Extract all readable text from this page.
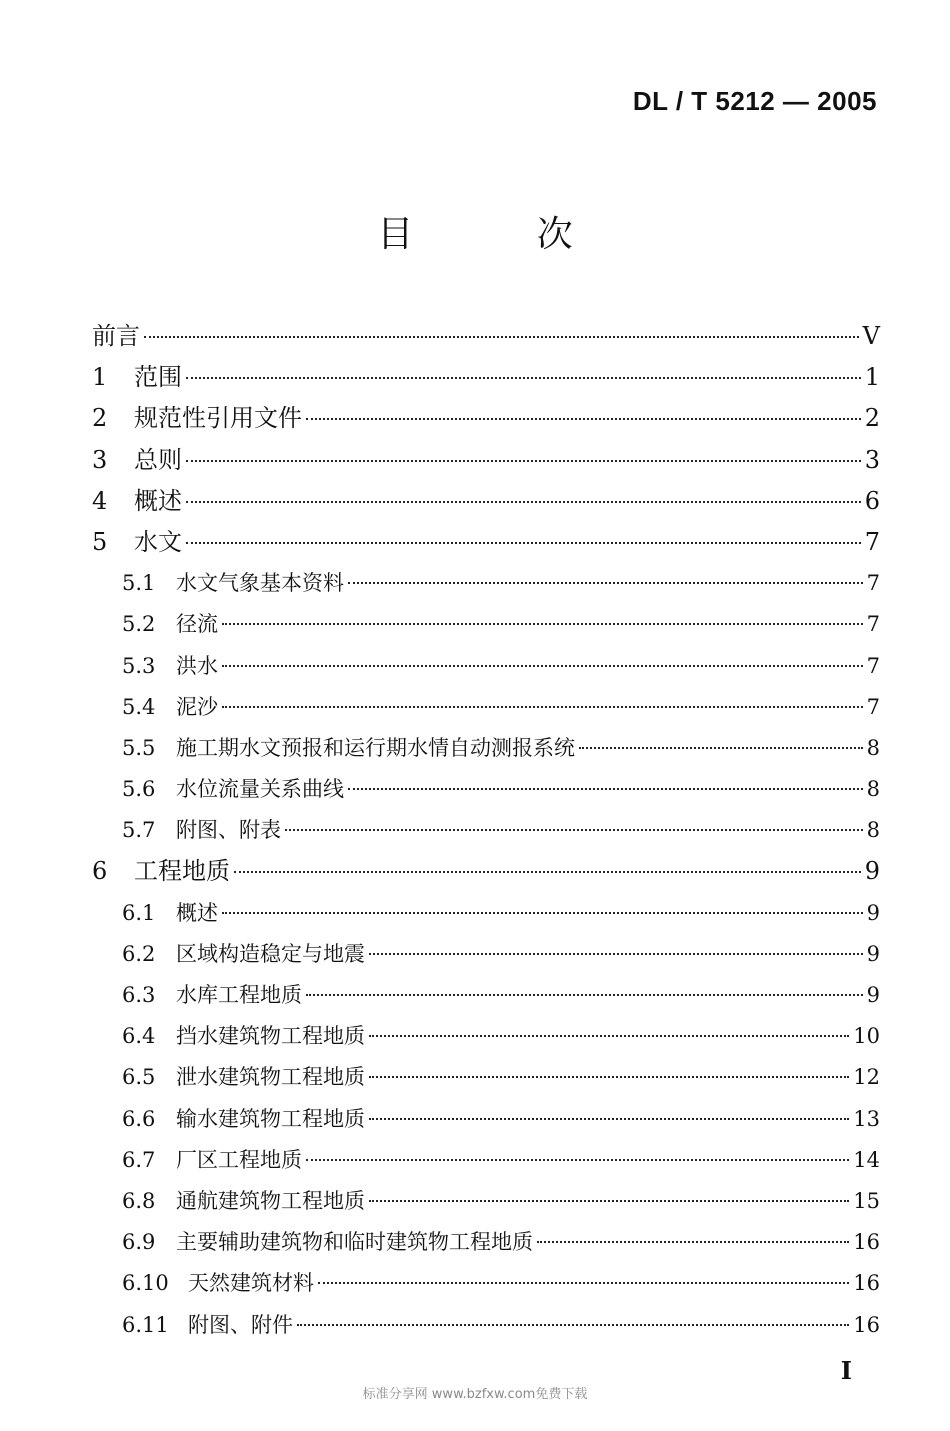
DL / T 5212 — 2005
目 次
前言	V
1	范围	1
2	规范性引用文件	2
3	总则	3
4	概述	6
5	水文	7
5.1 水文气象基本资料	7
5.2 径流	7
5.3 洪水	7
5.4 泥沙	7
5.5 施工期水文预报和运行期水情自动测报系统	8
5.6 水位流量关系曲线	8
5.7 附图、附表	8
6	工程地质	9
6.1 概述	9
6.2 区域构造稳定与地震	9
6.3 水库工程地质	9
6.4 挡水建筑物工程地质	10
6.5 泄水建筑物工程地质	12
6.6 输水建筑物工程地质	13
6.7 厂区工程地质	14
6.8 通航建筑物工程地质	15
6.9 主要辅助建筑物和临时建筑物工程地质	16
6.10 天然建筑材料	16
6.11 附图、附件	16
I
标准分享网 www.bzfxw.com免费下载
